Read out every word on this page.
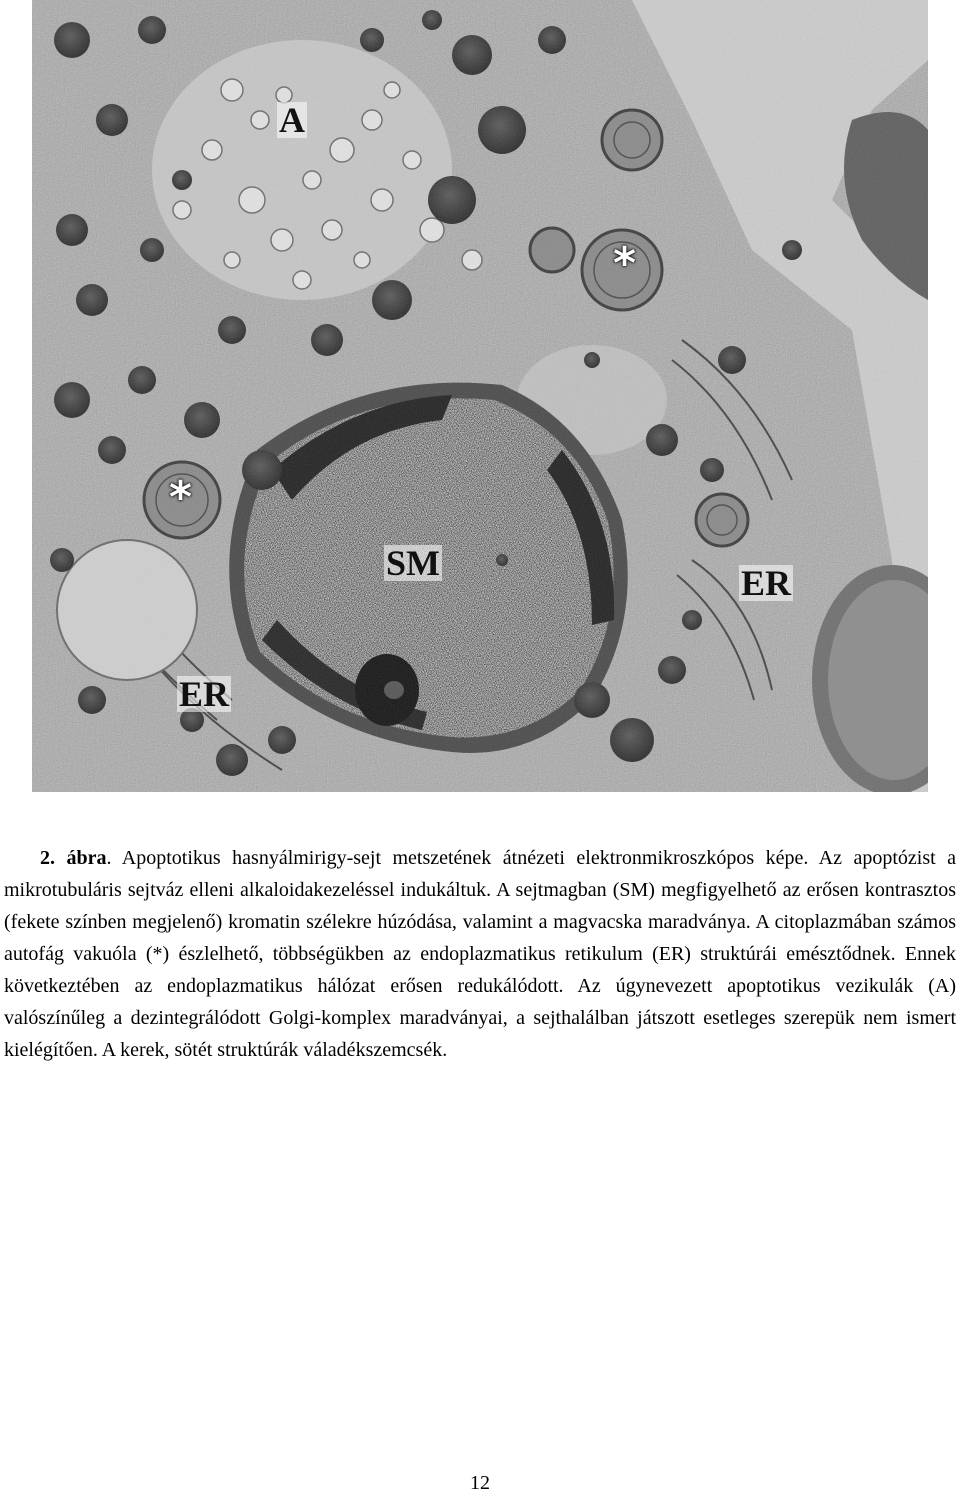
A
SM	ER
ER
*
*

2. ábra. Apoptotikus hasnyálmirigy-sejt metszetének átnézeti elektronmikroszkópos képe. Az apoptózist a mikrotubuláris sejtváz elleni alkaloidakezeléssel indukáltuk. A sejtmagban (SM) megfigyelhető az erősen kontrasztos (fekete színben megjelenő) kromatin szélekre húzódása, valamint a magvacska maradványa. A citoplazmában számos autofág vakuóla (*) észlelhető, többségükben az endoplazmatikus retikulum (ER) struktúrái emésztődnek. Ennek következtében az endoplazmatikus hálózat erősen redukálódott. Az úgynevezett apoptotikus vezikulák (A) valószínűleg a dezintegrálódott Golgi-komplex maradványai, a sejthalálban játszott esetleges szerepük nem ismert kielégítően. A kerek, sötét struktúrák váladékszemcsék.

12
